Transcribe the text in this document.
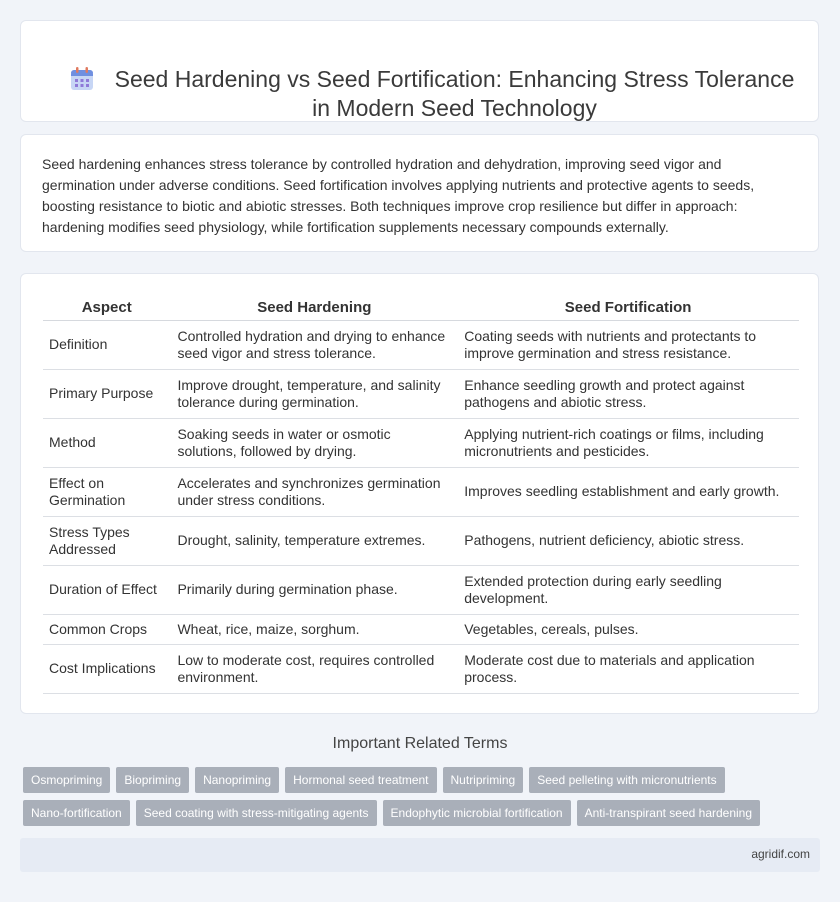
Seed Hardening vs Seed Fortification: Enhancing Stress Tolerance in Modern Seed Technology

Seed hardening enhances stress tolerance by controlled hydration and dehydration, improving seed vigor and germination under adverse conditions. Seed fortification involves applying nutrients and protective agents to seeds, boosting resistance to biotic and abiotic stresses. Both techniques improve crop resilience but differ in approach: hardening modifies seed physiology, while fortification supplements necessary compounds externally.

Aspect	Seed Hardening	Seed Fortification
Definition	Controlled hydration and drying to enhance seed vigor and stress tolerance.	Coating seeds with nutrients and protectants to improve germination and stress resistance.
Primary Purpose	Improve drought, temperature, and salinity tolerance during germination.	Enhance seedling growth and protect against pathogens and abiotic stress.
Method	Soaking seeds in water or osmotic solutions, followed by drying.	Applying nutrient-rich coatings or films, including micronutrients and pesticides.
Effect on Germination	Accelerates and synchronizes germination under stress conditions.	Improves seedling establishment and early growth.
Stress Types Addressed	Drought, salinity, temperature extremes.	Pathogens, nutrient deficiency, abiotic stress.
Duration of Effect	Primarily during germination phase.	Extended protection during early seedling development.
Common Crops	Wheat, rice, maize, sorghum.	Vegetables, cereals, pulses.
Cost Implications	Low to moderate cost, requires controlled environment.	Moderate cost due to materials and application process.
Important Related Terms
Osmopriming	Biopriming	Nanopriming	Hormonal seed treatment	Nutripriming	Seed pelleting with micronutrients
Nano-fortification	Seed coating with stress-mitigating agents	Endophytic microbial fortification	Anti-transpirant seed hardening
agridif.com
